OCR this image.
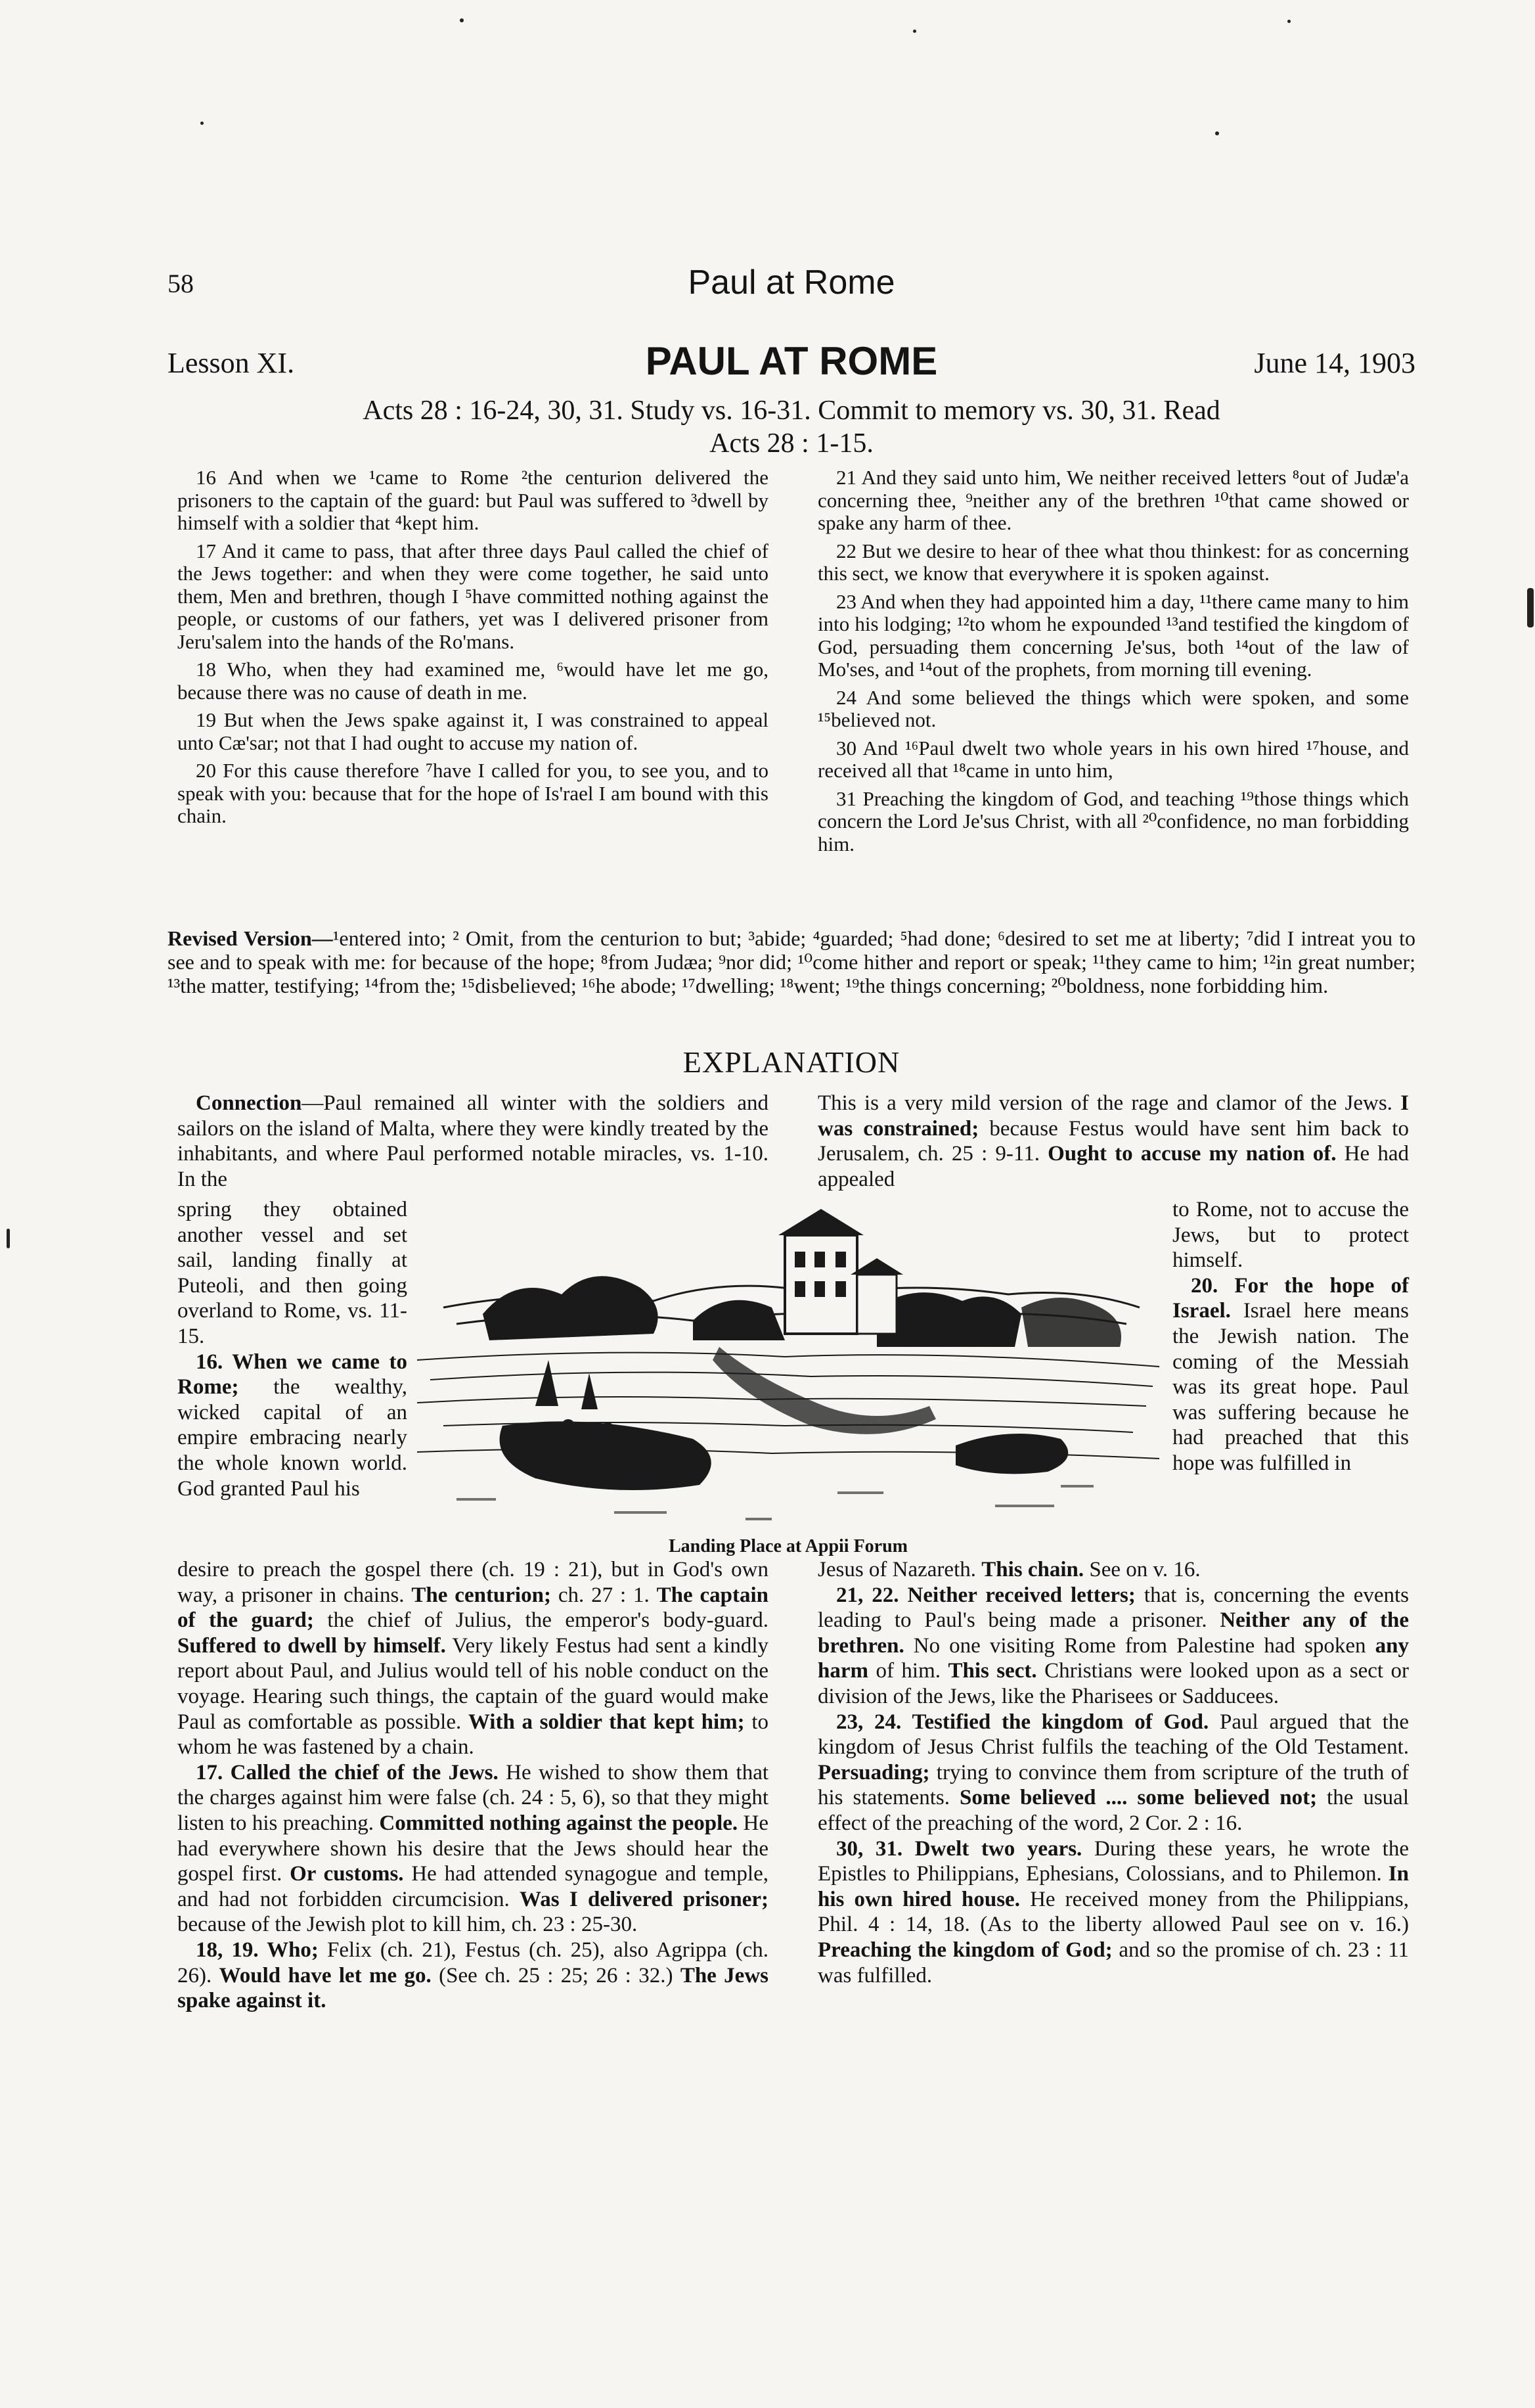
58	Paul at Rome
Lesson XI.	PAUL AT ROME	June 14, 1903
Acts 28 : 16-24, 30, 31. Study vs. 16-31. Commit to memory vs. 30, 31. Read
Acts 28 : 1-15.

16 And when we ¹came to Rome ²the centurion delivered the prisoners to the captain of the guard: but Paul was suffered to ³dwell by himself with a soldier that ⁴kept him.

17 And it came to pass, that after three days Paul called the chief of the Jews together: and when they were come together, he said unto them, Men and brethren, though I ⁵have committed nothing against the people, or customs of our fathers, yet was I delivered prisoner from Jeru'salem into the hands of the Ro'mans.

18 Who, when they had examined me, ⁶would have let me go, because there was no cause of death in me.

19 But when the Jews spake against it, I was constrained to appeal unto Cæ'sar; not that I had ought to accuse my nation of.

20 For this cause therefore ⁷have I called for you, to see you, and to speak with you: because that for the hope of Is'rael I am bound with this chain.

21 And they said unto him, We neither received letters ⁸out of Judæ'a concerning thee, ⁹neither any of the brethren ¹⁰that came showed or spake any harm of thee.

22 But we desire to hear of thee what thou thinkest: for as concerning this sect, we know that everywhere it is spoken against.

23 And when they had appointed him a day, ¹¹there came many to him into his lodging; ¹²to whom he expounded ¹³and testified the kingdom of God, persuading them concerning Je'sus, both ¹⁴out of the law of Mo'ses, and ¹⁴out of the prophets, from morning till evening.

24 And some believed the things which were spoken, and some ¹⁵believed not.

30 And ¹⁶Paul dwelt two whole years in his own hired ¹⁷house, and received all that ¹⁸came in unto him,

31 Preaching the kingdom of God, and teaching ¹⁹those things which concern the Lord Je'sus Christ, with all ²⁰confidence, no man forbidding him.

Revised Version—¹entered into; ² Omit, from the centurion to but; ³abide; ⁴guarded; ⁵had done; ⁶desired to set me at liberty; ⁷did I intreat you to see and to speak with me: for because of the hope; ⁸from Judæa; ⁹nor did; ¹⁰come hither and report or speak; ¹¹they came to him; ¹²in great number; ¹³the matter, testifying; ¹⁴from the; ¹⁵disbelieved; ¹⁶he abode; ¹⁷dwelling; ¹⁸went; ¹⁹the things concerning; ²⁰boldness, none forbidding him.
EXPLANATION

Connection—Paul remained all winter with the soldiers and sailors on the island of Malta, where they were kindly treated by the inhabitants, and where Paul performed notable miracles, vs. 1-10. In the

spring they obtained another vessel and set sail, landing finally at Puteoli, and then going overland to Rome, vs. 11-15.

16. When we came to Rome; the wealthy, wicked capital of an empire embracing nearly the whole known world. God granted Paul his

desire to preach the gospel there (ch. 19 : 21), but in God's own way, a prisoner in chains. The centurion; ch. 27 : 1. The captain of the guard; the chief of Julius, the emperor's body-guard. Suffered to dwell by himself. Very likely Festus had sent a kindly report about Paul, and Julius would tell of his noble conduct on the voyage. Hearing such things, the captain of the guard would make Paul as comfortable as possible. With a soldier that kept him; to whom he was fastened by a chain.

17. Called the chief of the Jews. He wished to show them that the charges against him were false (ch. 24 : 5, 6), so that they might listen to his preaching. Committed nothing against the people. He had everywhere shown his desire that the Jews should hear the gospel first. Or customs. He had attended synagogue and temple, and had not forbidden circumcision. Was I delivered prisoner; because of the Jewish plot to kill him, ch. 23 : 25-30.

18, 19. Who; Felix (ch. 21), Festus (ch. 25), also Agrippa (ch. 26). Would have let me go. (See ch. 25 : 25; 26 : 32.) The Jews spake against it.

This is a very mild version of the rage and clamor of the Jews. I was constrained; because Festus would have sent him back to Jerusalem, ch. 25 : 9-11. Ought to accuse my nation of. He had appealed

to Rome, not to accuse the Jews, but to protect himself.

20. For the hope of Israel. Israel here means the Jewish nation. The coming of the Messiah was its great hope. Paul was suffering because he had preached that this hope was fulfilled in

Jesus of Nazareth. This chain. See on v. 16.

21, 22. Neither received letters; that is, concerning the events leading to Paul's being made a prisoner. Neither any of the brethren. No one visiting Rome from Palestine had spoken any harm of him. This sect. Christians were looked upon as a sect or division of the Jews, like the Pharisees or Sadducees.

23, 24. Testified the kingdom of God. Paul argued that the kingdom of Jesus Christ fulfils the teaching of the Old Testament. Persuading; trying to convince them from scripture of the truth of his statements. Some believed .... some believed not; the usual effect of the preaching of the word, 2 Cor. 2 : 16.

30, 31. Dwelt two years. During these years, he wrote the Epistles to Philippians, Ephesians, Colossians, and to Philemon. In his own hired house. He received money from the Philippians, Phil. 4 : 14, 18. (As to the liberty allowed Paul see on v. 16.) Preaching the kingdom of God; and so the promise of ch. 23 : 11 was fulfilled.

Landing Place at Appii Forum
